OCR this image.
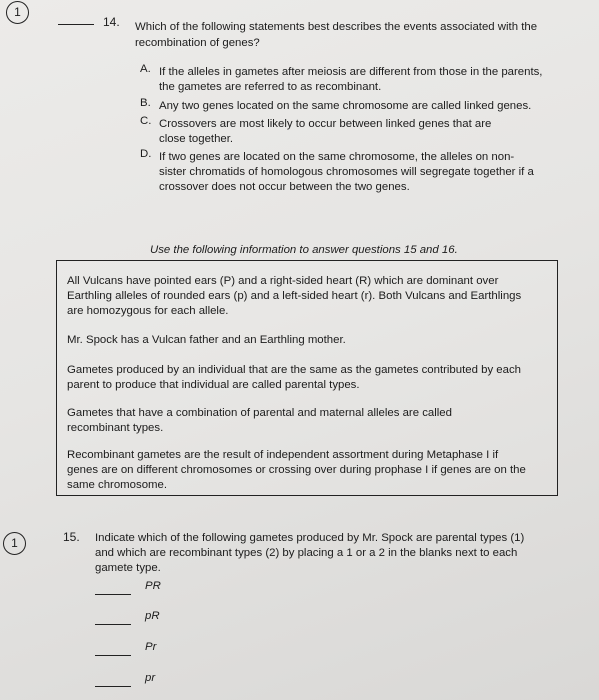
1
14. Which of the following statements best describes the events associated with the
recombination of genes?
A. If the alleles in gametes after meiosis are different from those in the parents,
the gametes are referred to as recombinant.
B. Any two genes located on the same chromosome are called linked genes.
C. Crossovers are most likely to occur between linked genes that are
close together.
D. If two genes are located on the same chromosome, the alleles on non-
sister chromatids of homologous chromosomes will segregate together if a
crossover does not occur between the two genes.
Use the following information to answer questions 15 and 16.
All Vulcans have pointed ears (P) and a right-sided heart (R) which are dominant over
Earthling alleles of rounded ears (p) and a left-sided heart (r). Both Vulcans and Earthlings
are homozygous for each allele.
Mr. Spock has a Vulcan father and an Earthling mother.
Gametes produced by an individual that are the same as the gametes contributed by each
parent to produce that individual are called parental types.
Gametes that have a combination of parental and maternal alleles are called
recombinant types.
Recombinant gametes are the result of independent assortment during Metaphase I if
genes are on different chromosomes or crossing over during prophase I if genes are on the
same chromosome.
1	15. Indicate which of the following gametes produced by Mr. Spock are parental types (1)
and which are recombinant types (2) by placing a 1 or a 2 in the blanks next to each
gamete type.
PR
pR
Pr
pr
